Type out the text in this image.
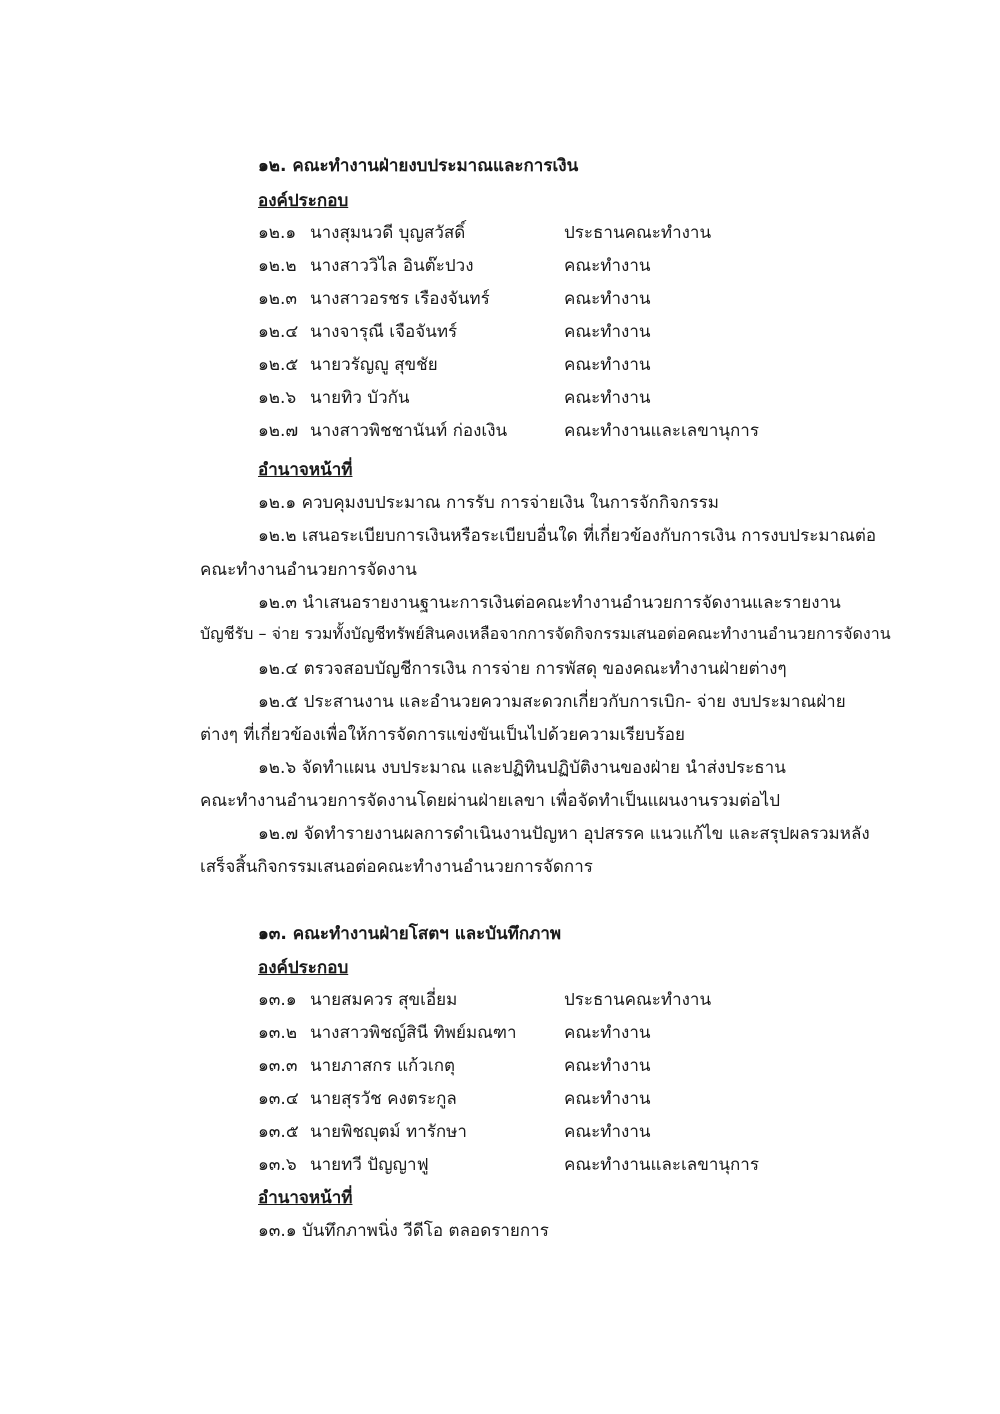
๑๒. คณะทำงานฝ่ายงบประมาณและการเงิน
องค์ประกอบ
๑๒.๑ นางสุมนวดี บุญสวัสดิ์	ประธานคณะทำงาน
๑๒.๒ นางสาววิไล อินต๊ะปวง	คณะทำงาน
๑๒.๓ นางสาวอรชร เรืองจันทร์	คณะทำงาน
๑๒.๔ นางจารุณี เจือจันทร์	คณะทำงาน
๑๒.๕ นายวรัญญู สุขชัย	คณะทำงาน
๑๒.๖ นายทิว บัวกัน	คณะทำงาน
๑๒.๗ นางสาวพิชชานันท์ ก่องเงิน	คณะทำงานและเลขานุการ
อำนาจหน้าที่
๑๒.๑ ควบคุมงบประมาณ การรับ การจ่ายเงิน ในการจักกิจกรรม
๑๒.๒ เสนอระเบียบการเงินหรือระเบียบอื่นใด ที่เกี่ยวข้องกับการเงิน การงบประมาณต่อ
คณะทำงานอำนวยการจัดงาน
๑๒.๓ นำเสนอรายงานฐานะการเงินต่อคณะทำงานอำนวยการจัดงานและรายงาน
บัญชีรับ – จ่าย รวมทั้งบัญชีทรัพย์สินคงเหลือจากการจัดกิจกรรมเสนอต่อคณะทำงานอำนวยการจัดงาน
๑๒.๔ ตรวจสอบบัญชีการเงิน การจ่าย การพัสดุ ของคณะทำงานฝ่ายต่างๆ
๑๒.๕ ประสานงาน และอำนวยความสะดวกเกี่ยวกับการเบิก- จ่าย งบประมาณฝ่าย
ต่างๆ ที่เกี่ยวข้องเพื่อให้การจัดการแข่งขันเป็นไปด้วยความเรียบร้อย
๑๒.๖ จัดทำแผน งบประมาณ และปฏิทินปฏิบัติงานของฝ่าย นำส่งประธาน
คณะทำงานอำนวยการจัดงานโดยผ่านฝ่ายเลขา เพื่อจัดทำเป็นแผนงานรวมต่อไป
๑๒.๗ จัดทำรายงานผลการดำเนินงานปัญหา อุปสรรค แนวแก้ไข และสรุปผลรวมหลัง
เสร็จสิ้นกิจกรรมเสนอต่อคณะทำงานอำนวยการจัดการ
๑๓. คณะทำงานฝ่ายโสตฯ และบันทึกภาพ
องค์ประกอบ
๑๓.๑ นายสมควร สุขเอี่ยม	ประธานคณะทำงาน
๑๓.๒ นางสาวพิชญ์สินี ทิพย์มณฑา	คณะทำงาน
๑๓.๓ นายภาสกร แก้วเกตุ	คณะทำงาน
๑๓.๔ นายสุรวัช คงตระกูล	คณะทำงาน
๑๓.๕ นายพิชญุตม์ ทารักษา	คณะทำงาน
๑๓.๖ นายทวี ปัญญาฟู	คณะทำงานและเลขานุการ
อำนาจหน้าที่
๑๓.๑ บันทึกภาพนิ่ง วีดีโอ ตลอดรายการ
